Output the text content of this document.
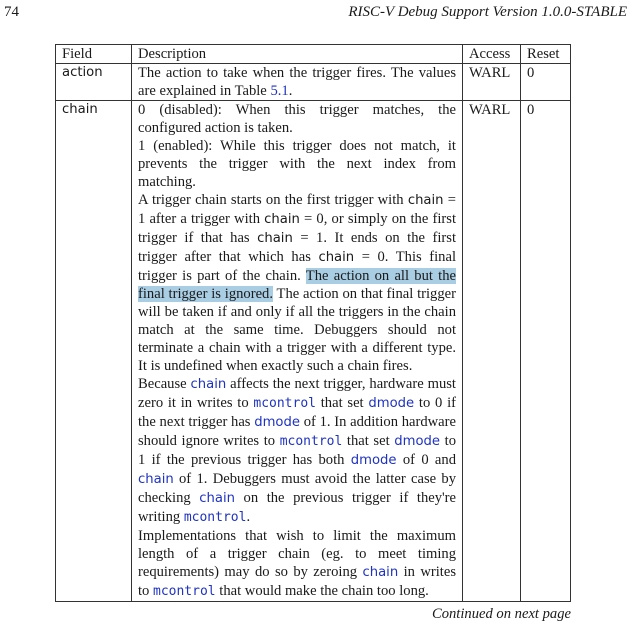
74	RISC-V Debug Support Version 1.0.0-STABLE
Field	Description	Access	Reset
action	The action to take when the trigger fires. The values are explained in Table 5.1.	WARL	0
chain	0 (disabled): When this trigger matches, the configured action is taken.

1 (enabled): While this trigger does not match, it prevents the trigger with the next index from matching.

A trigger chain starts on the first trigger with chain = 1 after a trigger with chain = 0, or simply on the first trigger if that has chain = 1. It ends on the first trigger after that which has chain = 0. This final trigger is part of the chain. The action on all but the final trigger is ignored. The action on that final trigger will be taken if and only if all the triggers in the chain match at the same time. Debuggers should not terminate a chain with a trigger with a different type. It is undefined when exactly such a chain fires.

Because chain affects the next trigger, hardware must zero it in writes to mcontrol that set dmode to 0 if the next trigger has dmode of 1. In addition hardware should ignore writes to mcontrol that set dmode to 1 if the previous trigger has both dmode of 0 and chain of 1. Debuggers must avoid the latter case by checking chain on the previous trigger if they're writing mcontrol.

Implementations that wish to limit the maximum length of a trigger chain (eg. to meet timing requirements) may do so by zeroing chain in writes to mcontrol that would make the chain too long.	WARL	0
Continued on next page
